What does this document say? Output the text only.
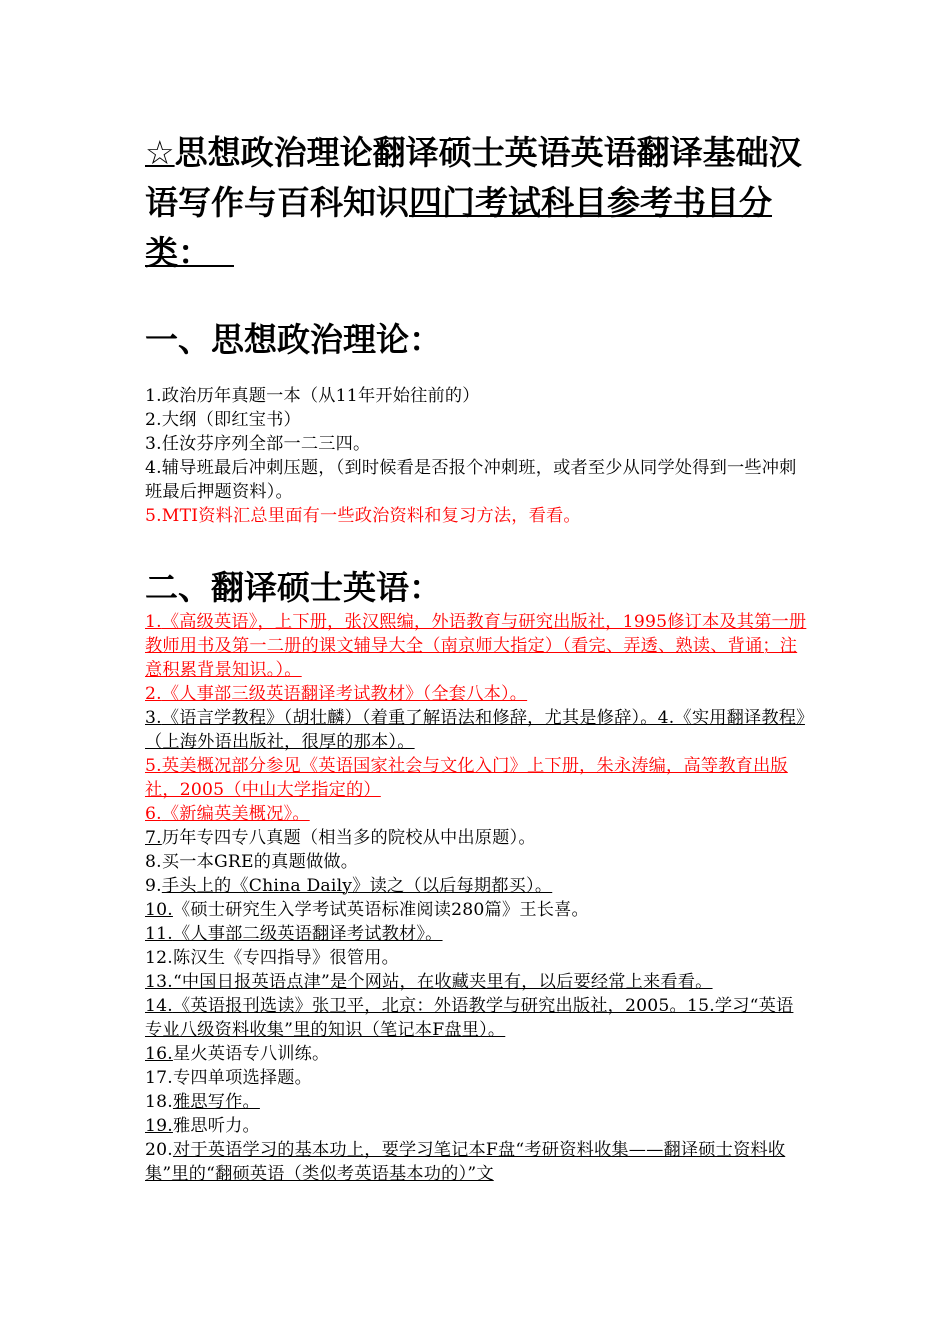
☆思想政治理论翻译硕士英语英语翻译基础汉语写作与百科知识四门考试科目参考书目分类：
一、思想政治理论：

1.政治历年真题一本（从11年开始往前的）

2.大纲（即红宝书）

3.任汝芬序列全部一二三四。

4.辅导班最后冲刺压题，（到时候看是否报个冲刺班，或者至少从同学处得到一些冲刺班最后押题资料）。

5.MTI资料汇总里面有一些政治资料和复习方法，看看。

二、翻译硕士英语：

1.《高级英语》，上下册，张汉熙编，外语教育与研究出版社，1995修订本及其第一册教师用书及第一二册的课文辅导大全（南京师大指定）（看完、弄透、熟读、背诵；注意积累背景知识。）。

2.《人事部三级英语翻译考试教材》（全套八本）。

3.《语言学教程》（胡壮麟）（着重了解语法和修辞，尤其是修辞）。4.《实用翻译教程》（上海外语出版社，很厚的那本）。

5.英美概况部分参见《英语国家社会与文化入门》上下册，朱永涛编，高等教育出版社，2005（中山大学指定的）

6.《新编英美概况》。

7.历年专四专八真题（相当多的院校从中出原题）。

8.买一本GRE的真题做做。

9.手头上的《China Daily》读之（以后每期都买）。

10.《硕士研究生入学考试英语标准阅读280篇》王长喜。

11.《人事部二级英语翻译考试教材》。

12.陈汉生《专四指导》很管用。

13.“中国日报英语点津”是个网站，在收藏夹里有，以后要经常上来看看。

14.《英语报刊选读》张卫平，北京：外语教学与研究出版社，2005。15.学习“英语专业八级资料收集”里的知识（笔记本F盘里）。

16.星火英语专八训练。

17.专四单项选择题。

18.雅思写作。

19.雅思听力。

20.对于英语学习的基本功上，要学习笔记本F盘“考研资料收集——翻译硕士资料收集”里的“翻硕英语（类似考英语基本功的）”文
